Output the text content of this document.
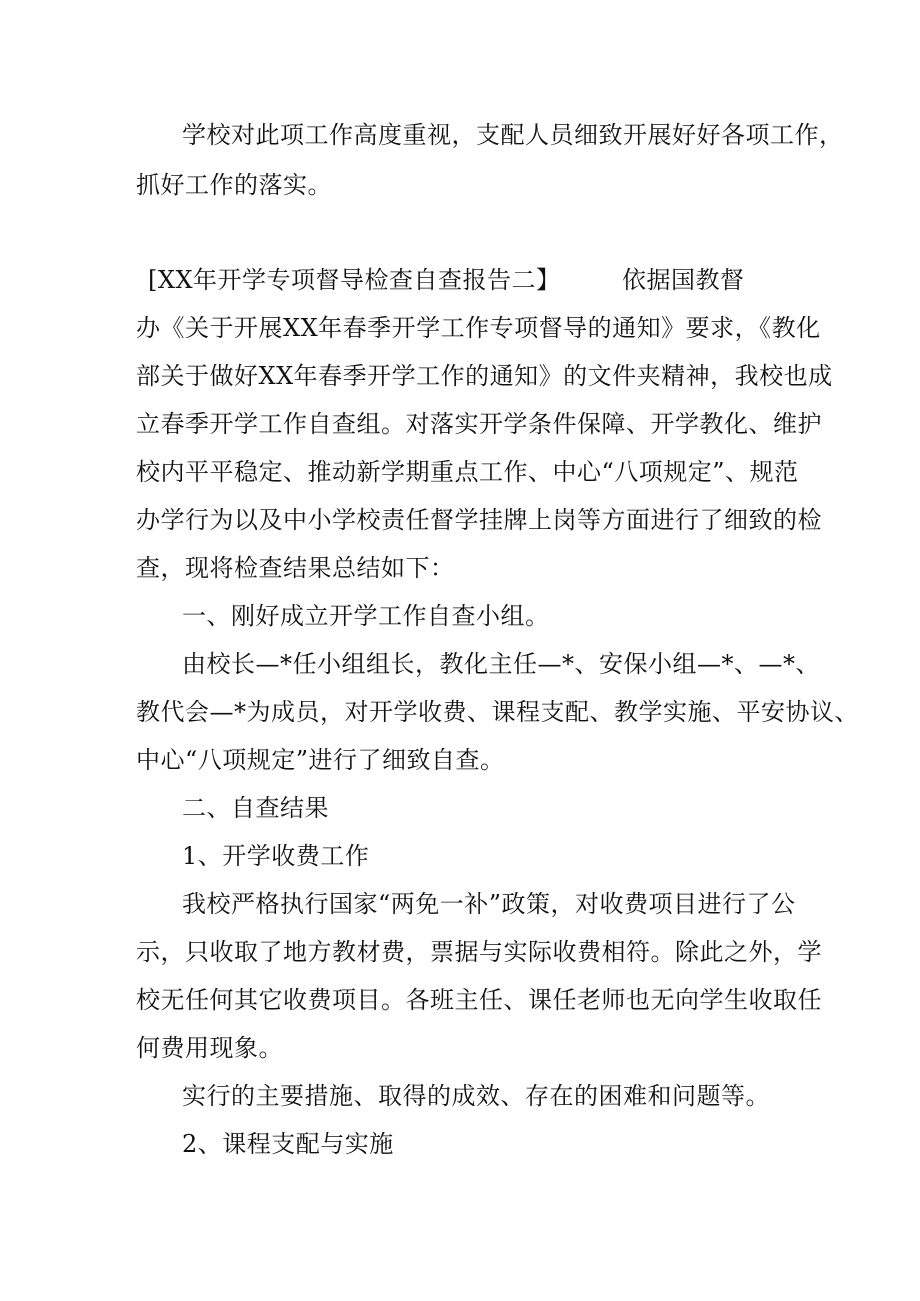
学校对此项工作高度重视，支配人员细致开展好好各项工作，
抓好工作的落实。
[XX年开学专项督导检查自查报告二】	依据国教督
办《关于开展XX年春季开学工作专项督导的通知》要求，《教化
部关于做好XX年春季开学工作的通知》的文件夹精神，我校也成
立春季开学工作自查组。对落实开学条件保障、开学教化、维护
校内平平稳定、推动新学期重点工作、中心“八项规定”、规范
办学行为以及中小学校责任督学挂牌上岗等方面进行了细致的检
查，现将检查结果总结如下：
一、刚好成立开学工作自查小组。
由校长—*任小组组长，教化主任—*、安保小组—*、—*、
教代会—*为成员，对开学收费、课程支配、教学实施、平安协议、
中心“八项规定”进行了细致自查。
二、自查结果
1、开学收费工作
我校严格执行国家“两免一补”政策，对收费项目进行了公
示，只收取了地方教材费，票据与实际收费相符。除此之外，学
校无任何其它收费项目。各班主任、课任老师也无向学生收取任
何费用现象。
实行的主要措施、取得的成效、存在的困难和问题等。
2、课程支配与实施
